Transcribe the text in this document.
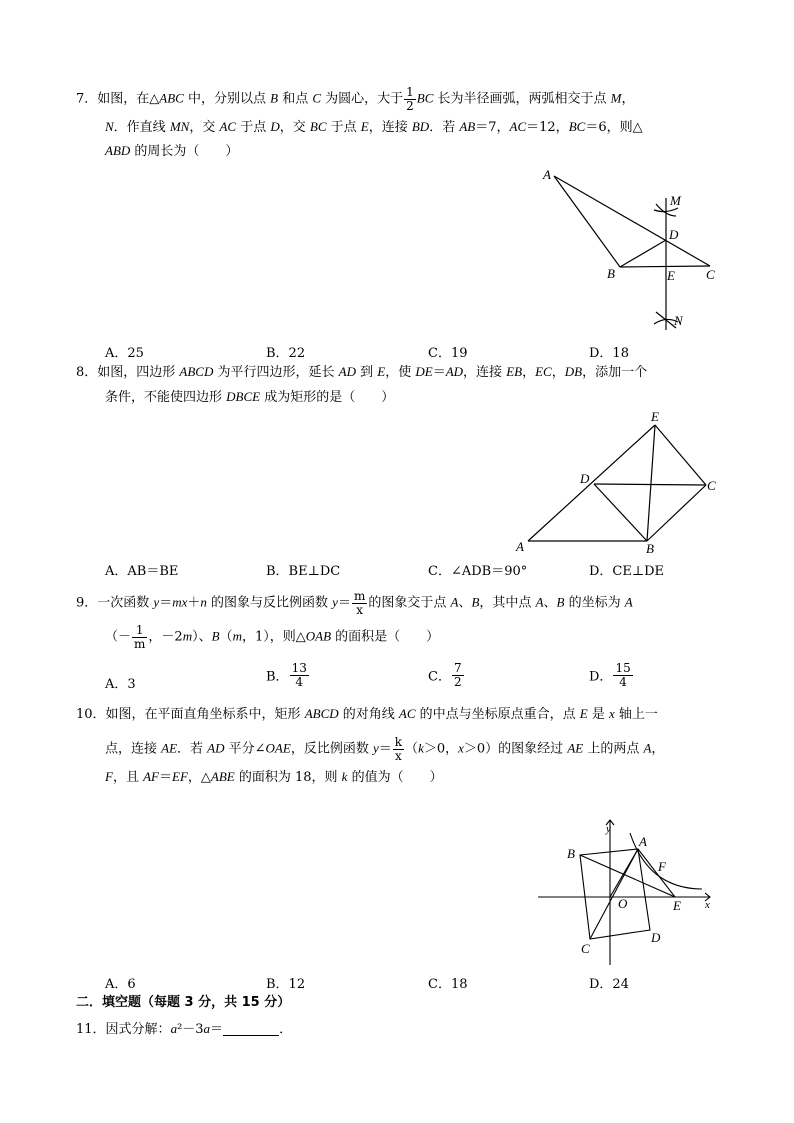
7．如图，在△ABC 中，分别以点 B 和点 C 为圆心，大于 $\frac{1}{2}$ BC 长为半径画弧，两弧相交于点 M，
N．作直线 MN，交 AC 于点 D，交 BC 于点 E，连接 BD．若 AB＝7，AC＝12，BC＝6，则△
ABD 的周长为（　　）
A
M
D
B	E C
N
A．25	B．22	C．19	D．18
8．如图，四边形 ABCD 为平行四边形，延长 AD 到 E，使 DE＝AD，连接 EB，EC，DB，添加一个
条件，不能使四边形 DBCE 成为矩形的是（　　）
E
D	C
A	B
A．AB＝BE	B．BE⊥DC	C．∠ADB＝90°	D．CE⊥DE
9．一次函数 y＝mx＋n 的图象与反比例函数 $y= \frac{m}{x}$ 的图象交于点 A、B，其中点 A、B 的坐标为 A
（－ $\frac{1}{m}$ ，－2m）、B（m，1），则△OAB 的面积是（　　）
A．3	B． $\frac{13}{4}$	C． $\frac{7}{2}$	D． $\frac{15}{4}$
10．如图，在平面直角坐标系中，矩形 ABCD 的对角线 AC 的中点与坐标原点重合，点 E 是 x 轴上一
点，连接 AE．若 AD 平分∠OAE，反比例函数 $y= \frac{k}{x} (k>0$，x＞0）的图象经过 AE 上的两点 A，
F，且 AF＝EF，△ABE 的面积为 18，则 k 的值为（　　）
y
A
B
F
O	E x
C
D
A．6	B．12	C．18	D．24
二．填空题（每题 3 分，共 15 分）
11．因式分解：a²－3a＝	．
